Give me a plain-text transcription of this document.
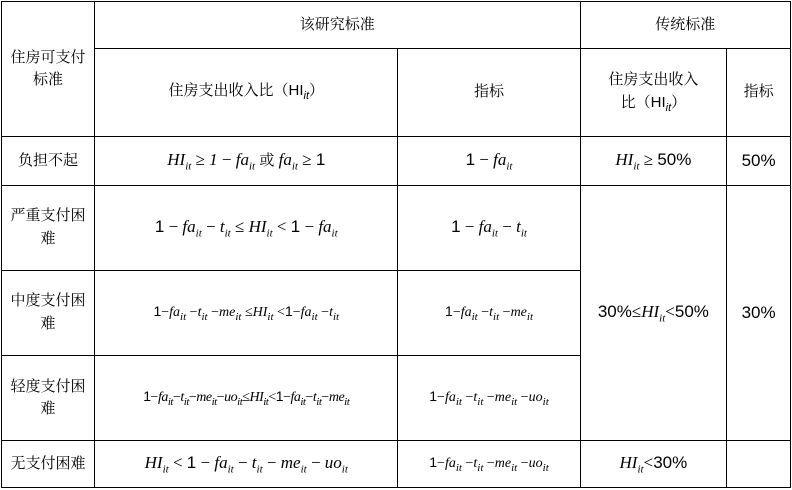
住房可支付标准	该研究标准		传统标准	
	住房支出收入比$(HI_{it})$	指标	住房支出收入
比$(HI_{it})$	指标
负担不起	$HI_{it} \ge 1 - fa_{it}$ 或 $fa_{it} \ge 1$	$1 - fa_{it}$	$HI_{it} \ge 50\%$	50%
严重支付困难	$1 - fa_{it} - t_{it} \le HI_{it} < 1 - fa_{it}$	$1 - fa_{it} - t_{it}$	$30\%\le HI_{it}<50\%$	30%
中度支付困难	$1-fa_{it} -t_{it} -me_{it} \le HI_{it} <1-fa_{it} -t_{it}$	$1-fa_{it} -t_{it} -me_{it}$
轻度支付困难	$1-fa_{it}-t_{it}-me_{it}-uo_{it}\le HI_{it}<1-fa_{it}-t_{it}-me_{it}$	$1-fa_{it} -t_{it} -me_{it} -uo_{it}$
无支付困难	$HI_{it} < 1 - fa_{it} - t_{it} - me_{it} - uo_{it}$	$1-fa_{it} -t_{it} -me_{it} -uo_{it}$	$HI_{it}<30\%$	
